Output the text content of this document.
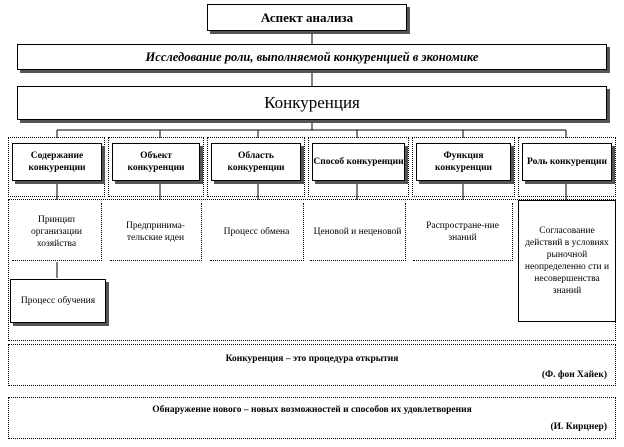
Аспект анализа
Исследование роли, выполняемой конкуренцией в экономике
Конкуренция
Содержание конкуренции
Объект конкуренции
Область конкуренции
Способ конкуренции
Функция конкуренции
Роль конкуренции
Принцип организации хозяйства
Предпринима-тельские идеи
Процесс обмена	Ценовой и неценовой
Распростране-ние знаний
Согласование действий в условиях рыночной неопределенно сти и несовершенства знаний
Процесс обучения
Конкуренция – это процедура открытия
(Ф. фон Хайек)
Обнаружение нового – новых возможностей и способов их удовлетворения
(И. Кирцнер)
